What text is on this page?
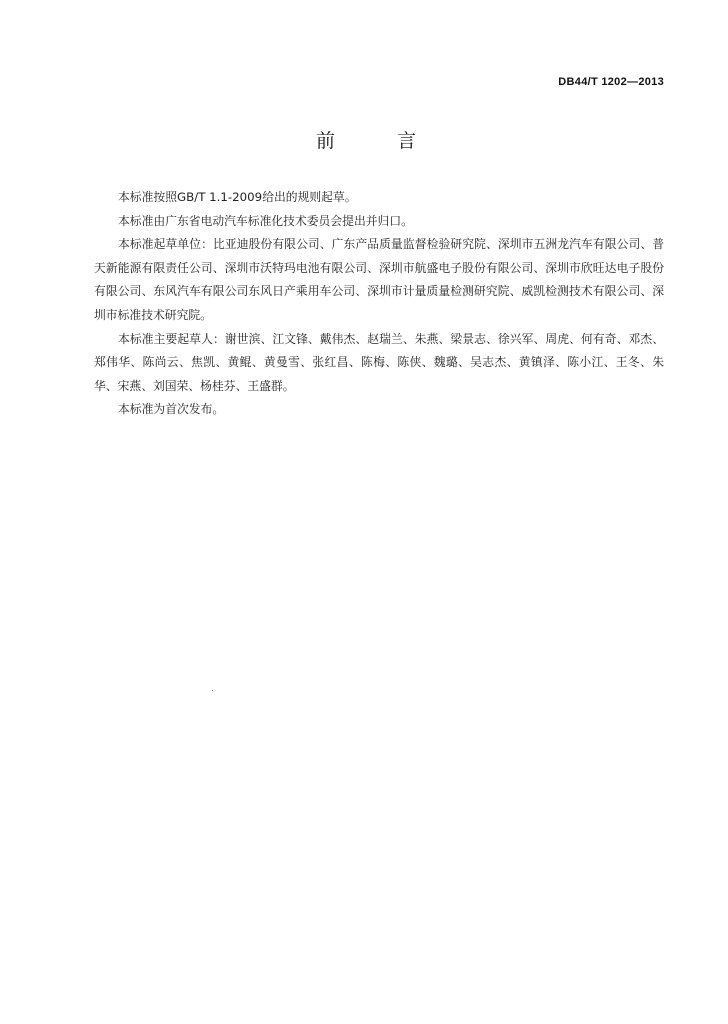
DB44/T 1202—2013
前 言

本标准按照GB/T 1.1-2009给出的规则起草。

本标准由广东省电动汽车标准化技术委员会提出并归口。

本标准起草单位：比亚迪股份有限公司、广东产品质量监督检验研究院、深圳市五洲龙汽车有限公司、普天新能源有限责任公司、深圳市沃特玛电池有限公司、深圳市航盛电子股份有限公司、深圳市欣旺达电子股份有限公司、东风汽车有限公司东风日产乘用车公司、深圳市计量质量检测研究院、威凯检测技术有限公司、深圳市标准技术研究院。

本标准主要起草人：谢世滨、江文锋、戴伟杰、赵瑞兰、朱燕、梁景志、徐兴军、周虎、何有奇、邓杰、郑伟华、陈尚云、焦凯、黄鲲、黄曼雪、张红昌、陈梅、陈侠、魏璐、吴志杰、黄镇泽、陈小江、王冬、朱华、宋燕、刘国荣、杨桂芬、王盛群。

本标准为首次发布。
